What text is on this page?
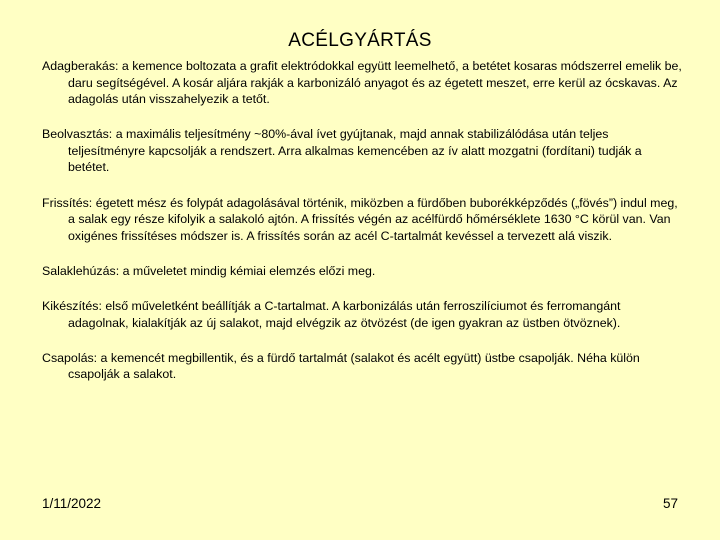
ACÉLGYÁRTÁS

Adagberakás: a kemence boltozata a grafit elektródokkal együtt leemelhető, a betétet kosaras módszerrel emelik be, daru segítségével. A kosár aljára rakják a karbonizáló anyagot és az égetett meszet, erre kerül az ócskavas. Az adagolás után visszahelyezik a tetőt.

Beolvasztás: a maximális teljesítmény ~80%-ával ívet gyújtanak, majd annak stabilizálódása után teljes teljesítményre kapcsolják a rendszert. Arra alkalmas kemencében az ív alatt mozgatni (fordítani) tudják a betétet.

Frissítés: égetett mész és folypát adagolásával történik, miközben a fürdőben buborékképződés („fövés”) indul meg, a salak egy része kifolyik a salakoló ajtón. A frissítés végén az acélfürdő hőmérséklete 1630 °C körül van. Van oxigénes frissítéses módszer is. A frissítés során az acél C-tartalmát kevéssel a tervezett alá viszik.

Salaklehúzás: a műveletet mindig kémiai elemzés előzi meg.

Kikészítés: első műveletként beállítják a C-tartalmat. A karbonizálás után ferroszilíciumot és ferromangánt adagolnak, kialakítják az új salakot, majd elvégzik az ötvözést (de igen gyakran az üstben ötvöznek).

Csapolás: a kemencét megbillentik, és a fürdő tartalmát (salakot és acélt együtt) üstbe csapolják. Néha külön csapolják a salakot.

1/11/2022	57
